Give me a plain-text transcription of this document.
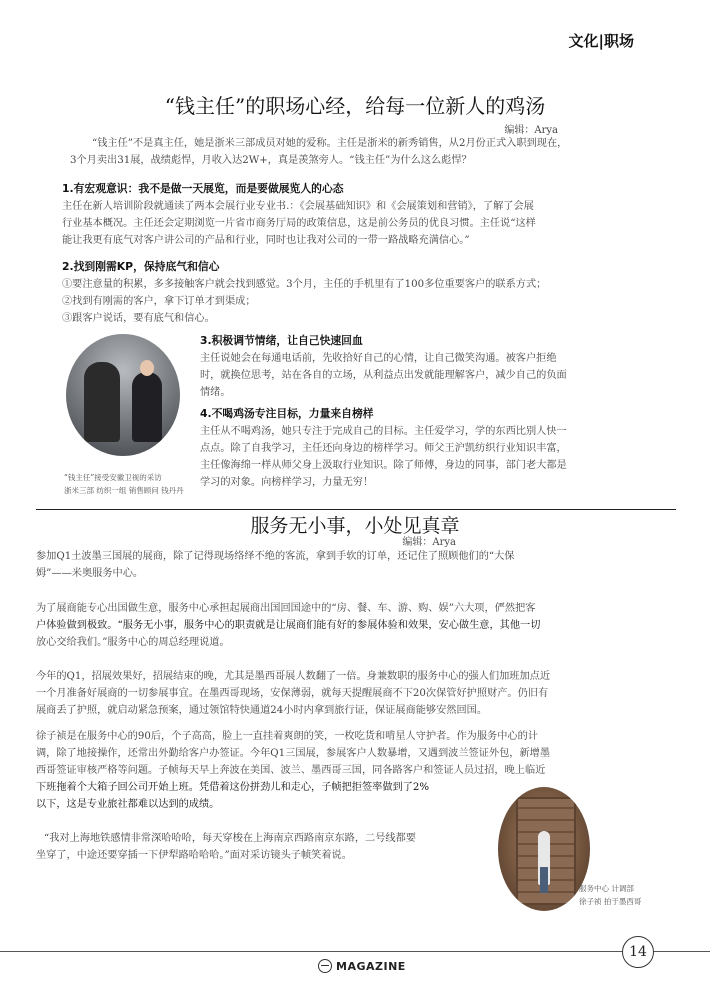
文化|职场
“钱主任”的职场心经，给每一位新人的鸡汤
编辑：Arya

“钱主任”不是真主任，她是浙米三部成员对她的爱称。主任是浙米的新秀销售，从2月份正式入职到现在，

3个月卖出31展，战绩彪悍，月收入达2W+，真是羡煞旁人。“钱主任”为什么这么彪悍？

1.有宏观意识：我不是做一天展览，而是要做展览人的心态

主任在新人培训阶段就通读了两本会展行业专业书.：《会展基础知识》和《会展策划和营销》，了解了会展

行业基本概况。主任还会定期浏览一片省市商务厅局的政策信息，这是前公务员的优良习惯。主任说“这样

能让我更有底气对客户讲公司的产品和行业，同时也让我对公司的一带一路战略充满信心。”

2.找到刚需KP，保持底气和信心

①要注意量的积累，多多接触客户就会找到感觉。3个月，主任的手机里有了100多位重要客户的联系方式；

②找到有刚需的客户，拿下订单才到渠成；

③跟客户说话，要有底气和信心。

“钱主任”接受安徽卫视的采访
浙米三部 纺织一组 销售顾问 钱丹丹

3.积极调节情绪，让自己快速回血

主任说她会在每通电话前，先收拾好自己的心情，让自己微笑沟通。被客户拒绝

时，就换位思考，站在各自的立场，从利益点出发就能理解客户，减少自己的负面

情绪。

4.不喝鸡汤专注目标，力量来自榜样

主任从不喝鸡汤，她只专注于完成自己的目标。主任爱学习，学的东西比别人快一

点点。除了自我学习，主任还向身边的榜样学习。师父王沪凯纺织行业知识丰富，

主任像海绵一样从师父身上汲取行业知识。除了师傅，身边的同事，部门老大都是

学习的对象。向榜样学习，力量无穷！

服务无小事，小处见真章
编辑：Arya

参加Q1土波墨三国展的展商，除了记得现场络绎不绝的客流，拿到手软的订单，还记住了照顾他们的“大保

姆”——米奥服务中心。

为了展商能专心出国做生意，服务中心承担起展商出国回国途中的“房、餐、车、游、购、娱”六大项，俨然把客

户体验做到极致。“服务无小事，服务中心的职责就是让展商们能有好的参展体验和效果，安心做生意，其他一切

放心交给我们。”服务中心的周总经理说道。

今年的Q1，招展效果好，招展结束的晚，尤其是墨西哥展人数翻了一倍。身兼数职的服务中心的强人们加班加点近

一个月准备好展商的一切参展事宜。在墨西哥现场，安保薄弱，就每天提醒展商不下20次保管好护照财产。仍旧有

展商丢了护照，就启动紧急预案，通过领馆特快通道24小时内拿到旅行证，保证展商能够安然回国。

徐子祯是在服务中心的90后，个子高高，脸上一直挂着爽朗的笑，一枚吃货和啃星人守护者。作为服务中心的计

调，除了地接操作，还常出外勤给客户办签证。今年Q1三国展，参展客户人数暴增，又遇到波兰签证外包，新增墨

西哥签证审核严格等问题。子帧每天早上奔波在美国、波兰、墨西哥三国，同各路客户和签证人员过招，晚上临近

下班拖着个大箱子回公司开始上班。凭借着这份拼劲儿和走心，子帧把拒签率做到了2%

以下，这是专业旅社都难以达到的成绩。

“我对上海地铁感情非常深哈哈哈，每天穿梭在上海南京西路南京东路，二号线都要

坐穿了，中途还要穿插一下伊犁路哈哈哈。”面对采访镜头子帧笑着说。

服务中心 计调部
徐子祯 拍于墨西哥
14
MAGAZINE
